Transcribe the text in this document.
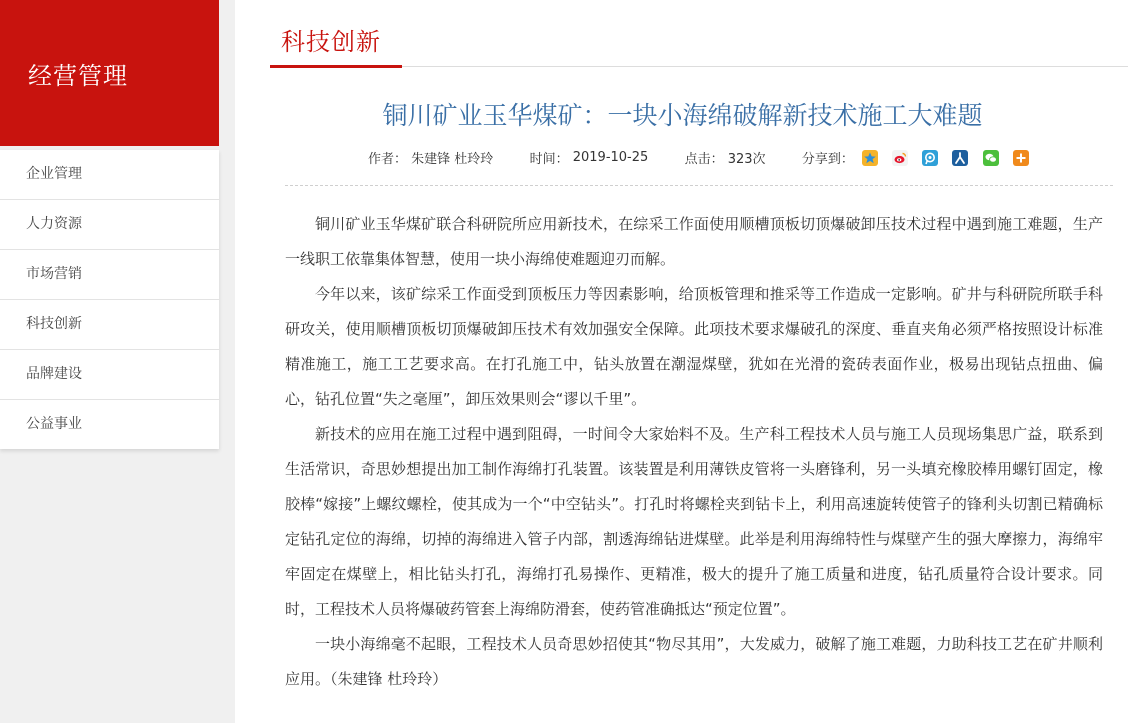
经营管理
企业管理
人力资源
市场营销
科技创新
品牌建设
公益事业
科技创新
铜川矿业玉华煤矿：一块小海绵破解新技术施工大难题
作者： 朱建锋 杜玲玲	时间： 2019-10-25	点击： 323次	分享到：

铜川矿业玉华煤矿联合科研院所应用新技术，在综采工作面使用顺槽顶板切顶爆破卸压技术过程中遇到施工难题，生产一线职工依靠集体智慧，使用一块小海绵使难题迎刃而解。

今年以来，该矿综采工作面受到顶板压力等因素影响，给顶板管理和推采等工作造成一定影响。矿井与科研院所联手科研攻关，使用顺槽顶板切顶爆破卸压技术有效加强安全保障。此项技术要求爆破孔的深度、垂直夹角必须严格按照设计标准精准施工，施工工艺要求高。在打孔施工中，钻头放置在潮湿煤壁，犹如在光滑的瓷砖表面作业，极易出现钻点扭曲、偏心，钻孔位置“失之毫厘”，卸压效果则会“谬以千里”。

新技术的应用在施工过程中遇到阻碍，一时间令大家始料不及。生产科工程技术人员与施工人员现场集思广益，联系到生活常识，奇思妙想提出加工制作海绵打孔装置。该装置是利用薄铁皮管将一头磨锋利，另一头填充橡胶棒用螺钉固定，橡胶棒“嫁接”上螺纹螺栓，使其成为一个“中空钻头”。打孔时将螺栓夹到钻卡上，利用高速旋转使管子的锋利头切割已精确标定钻孔定位的海绵，切掉的海绵进入管子内部，割透海绵钻进煤壁。此举是利用海绵特性与煤壁产生的强大摩擦力，海绵牢牢固定在煤壁上，相比钻头打孔，海绵打孔易操作、更精准，极大的提升了施工质量和进度，钻孔质量符合设计要求。同时，工程技术人员将爆破药管套上海绵防滑套，使药管准确抵达“预定位置”。

一块小海绵毫不起眼，工程技术人员奇思妙招使其“物尽其用”，大发威力，破解了施工难题，力助科技工艺在矿井顺利应用。（朱建锋 杜玲玲）
